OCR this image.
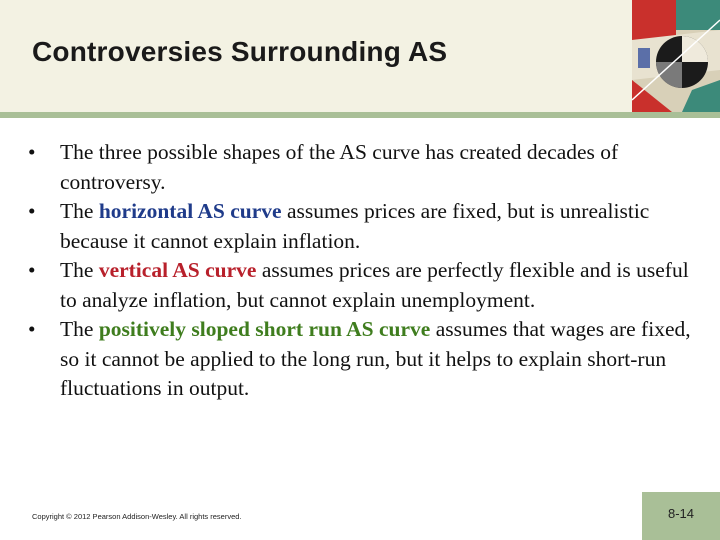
Controversies Surrounding AS
•	The three possible shapes of the AS curve has created decades of controversy.
•	The horizontal AS curve assumes prices are fixed, but is unrealistic because it cannot explain inflation.
•	The vertical AS curve assumes prices are perfectly flexible and is useful to analyze inflation, but cannot explain unemployment.
•	The positively sloped short run AS curve assumes that wages are fixed, so it cannot be applied to the long run, but it helps to explain short-run fluctuations in output.
Copyright © 2012 Pearson Addison-Wesley. All rights reserved.	8-14
